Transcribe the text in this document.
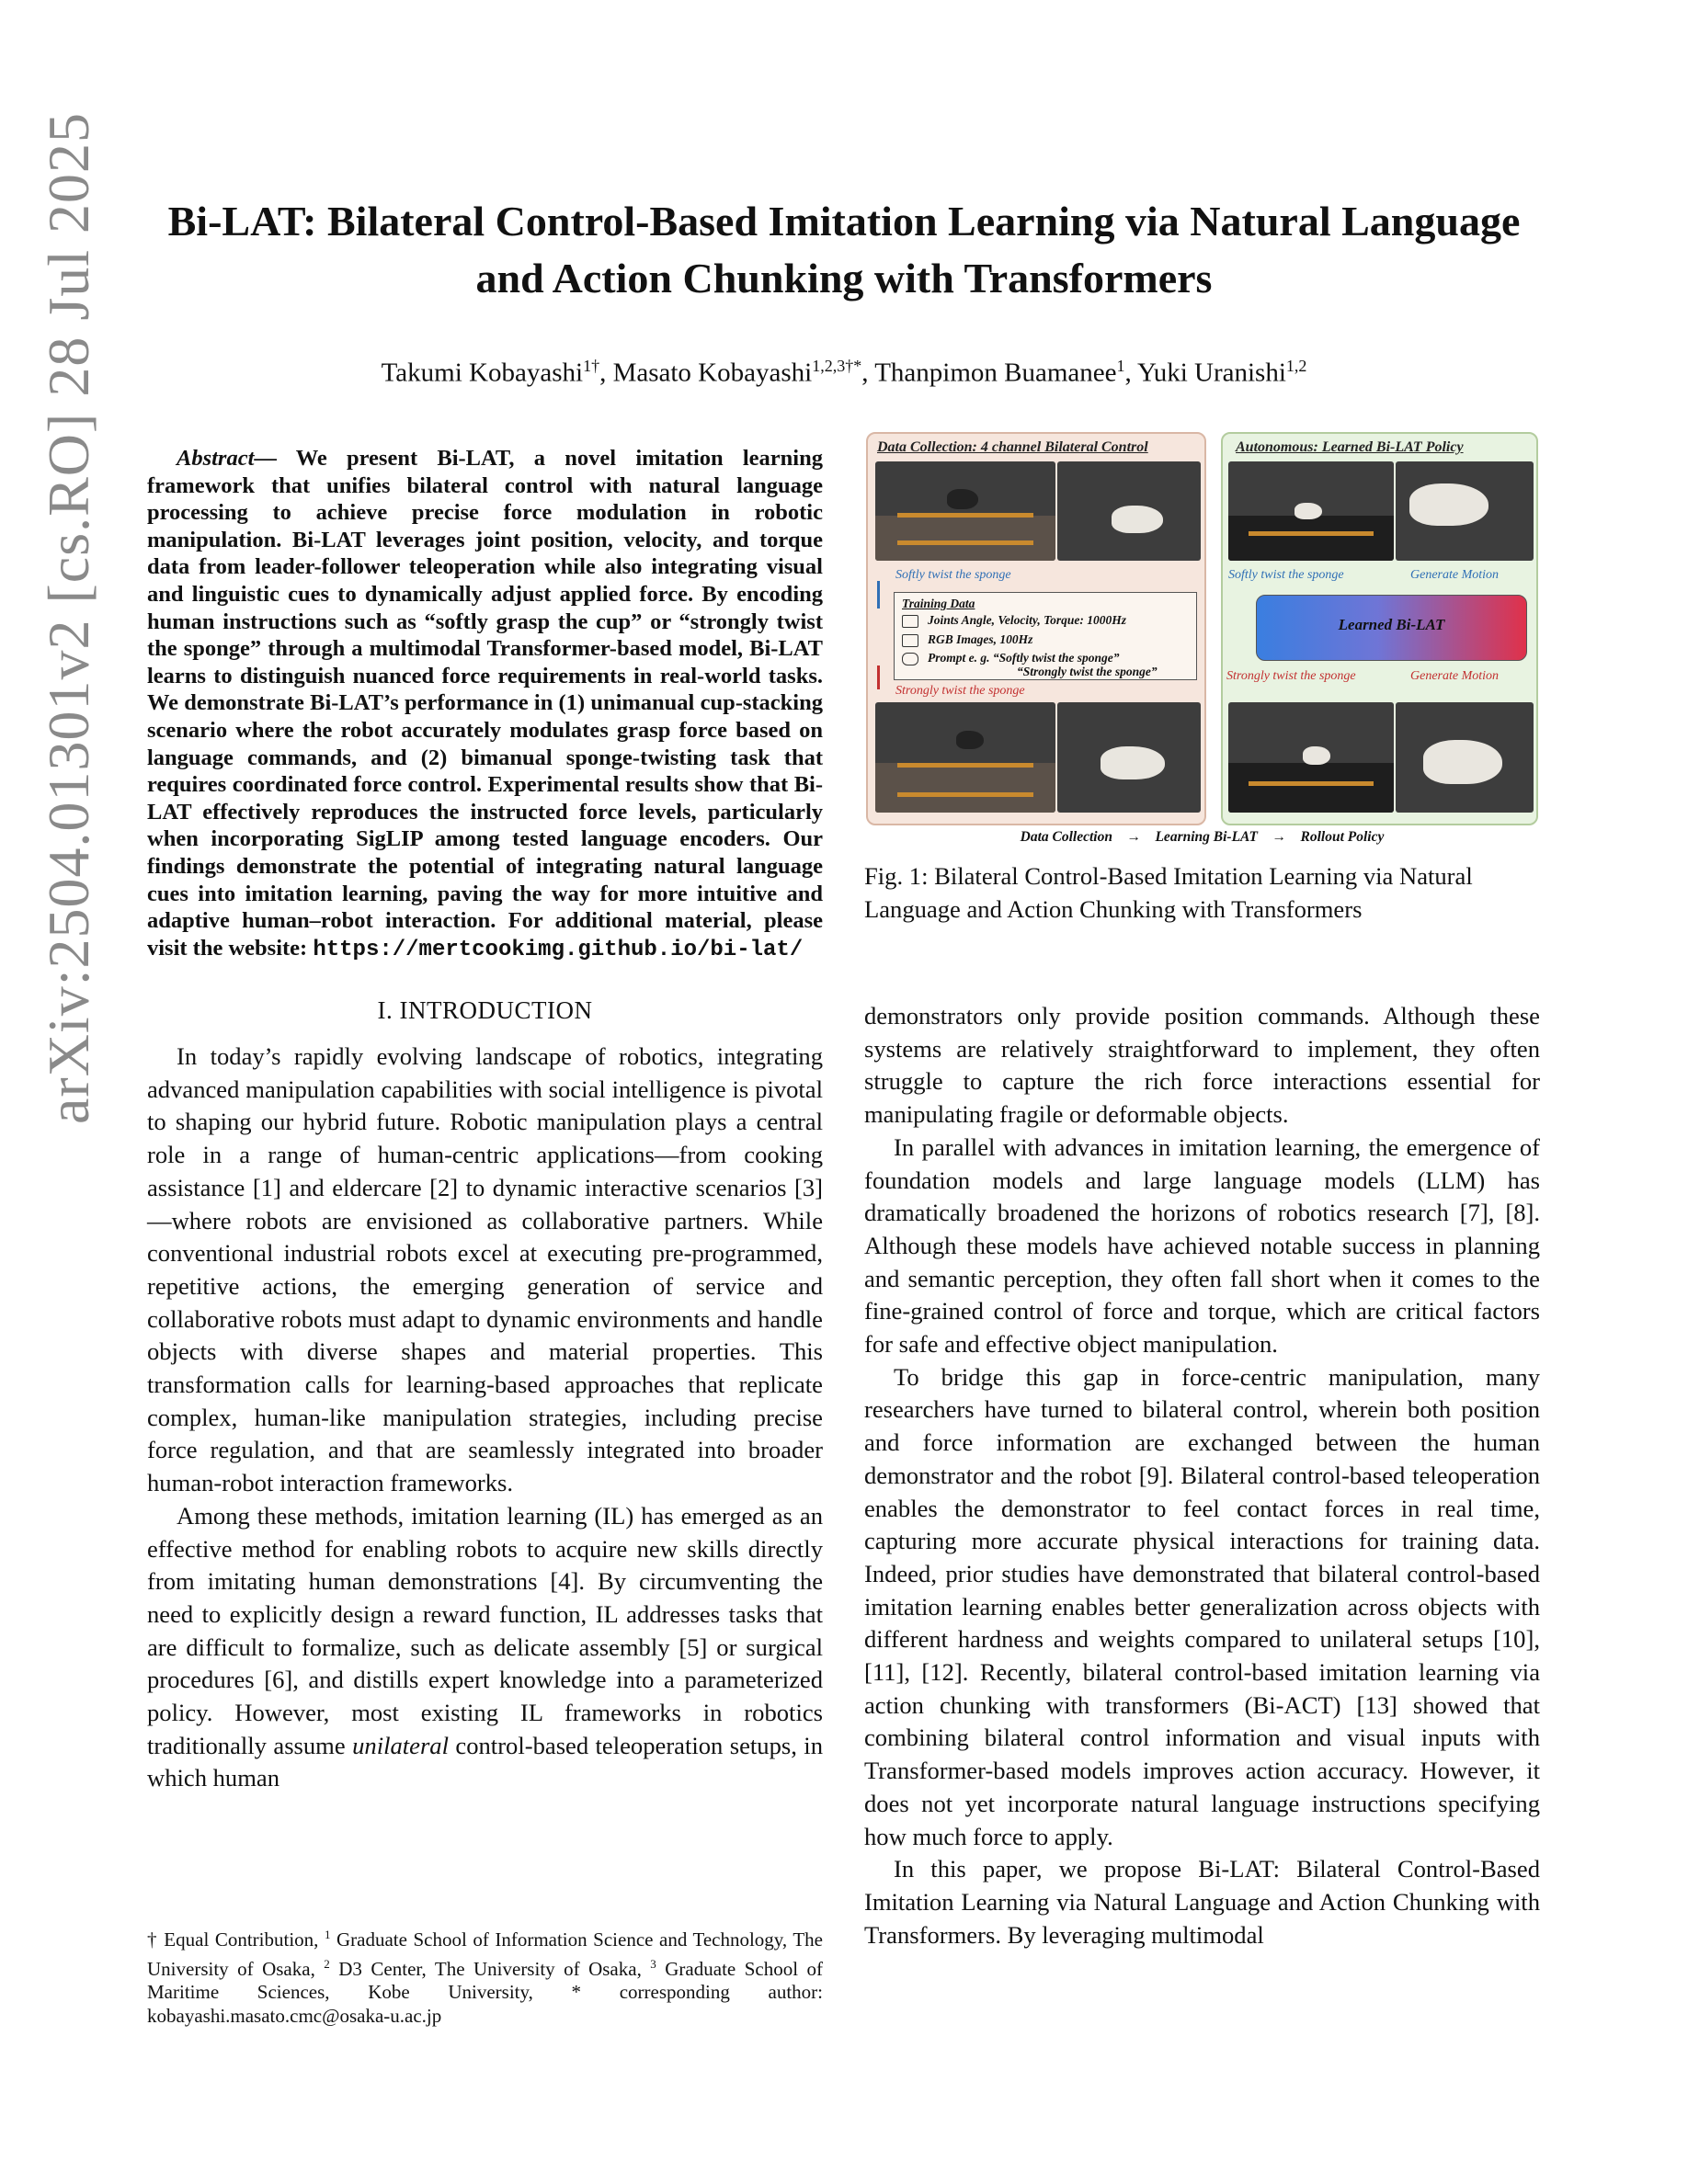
arXiv:2504.01301v2 [cs.RO] 28 Jul 2025	Bi-LAT: Bilateral Control-Based Imitation Learning via Natural Language and Action Chunking with Transformers
Takumi Kobayashi$^{1\dagger}$, Masato Kobayashi$^{1,2,3\dagger*}$, Thanpimon Buamanee$^1$, Yuki Uranishi$^{1,2}$

Abstract— We present Bi-LAT, a novel imitation learning framework that unifies bilateral control with natural language processing to achieve precise force modulation in robotic manipulation. Bi-LAT leverages joint position, velocity, and torque data from leader-follower teleoperation while also integrating visual and linguistic cues to dynamically adjust applied force. By encoding human instructions such as “softly grasp the cup” or “strongly twist the sponge” through a multimodal Transformer-based model, Bi-LAT learns to distinguish nuanced force requirements in real-world tasks. We demonstrate Bi-LAT’s performance in (1) unimanual cup-stacking scenario where the robot accurately modulates grasp force based on language commands, and (2) bimanual sponge-twisting task that requires coordinated force control. Experimental results show that Bi-LAT effectively reproduces the instructed force levels, particularly when incorporating SigLIP among tested language encoders. Our findings demonstrate the potential of integrating natural language cues into imitation learning, paving the way for more intuitive and adaptive human–robot interaction. For additional material, please visit the website: https://mertcookimg.github.io/bi-lat/

I. INTRODUCTION

In today’s rapidly evolving landscape of robotics, integrating advanced manipulation capabilities with social intelligence is pivotal to shaping our hybrid future. Robotic manipulation plays a central role in a range of human-centric applications—from cooking assistance [1] and eldercare [2] to dynamic interactive scenarios [3]—where robots are envisioned as collaborative partners. While conventional industrial robots excel at executing pre-programmed, repetitive actions, the emerging generation of service and collaborative robots must adapt to dynamic environments and handle objects with diverse shapes and material properties. This transformation calls for learning-based approaches that replicate complex, human-like manipulation strategies, including precise force regulation, and that are seamlessly integrated into broader human-robot interaction frameworks.

Among these methods, imitation learning (IL) has emerged as an effective method for enabling robots to acquire new skills directly from imitating human demonstrations [4]. By circumventing the need to explicitly design a reward function, IL addresses tasks that are difficult to formalize, such as delicate assembly [5] or surgical procedures [6], and distills expert knowledge into a parameterized policy. However, most existing IL frameworks in robotics traditionally assume unilateral control-based teleoperation setups, in which human

† Equal Contribution, $^1$ Graduate School of Information Science and Technology, The University of Osaka, $^2$ D3 Center, The University of Osaka, $^3$ Graduate School of Maritime Sciences, Kobe University, * corresponding author: kobayashi.masato.cmc@osaka-u.ac.jp
Data Collection: 4 channel Bilateral Control
Softly twist the sponge
Training Data
Joints Angle, Velocity, Torque: 1000Hz
RGB Images, 100Hz
Prompt e. g. “Softly twist the sponge”
“Strongly twist the sponge”
Strongly twist the sponge
Autonomous: Learned Bi-LAT Policy
Softly twist the sponge	Generate Motion
Learned Bi-LAT
Strongly twist the sponge	Generate Motion
Data Collection → Learning Bi-LAT → Rollout Policy
Fig. 1: Bilateral Control-Based Imitation Learning via Natural Language and Action Chunking with Transformers

demonstrators only provide position commands. Although these systems are relatively straightforward to implement, they often struggle to capture the rich force interactions essential for manipulating fragile or deformable objects.

In parallel with advances in imitation learning, the emergence of foundation models and large language models (LLM) has dramatically broadened the horizons of robotics research [7], [8]. Although these models have achieved notable success in planning and semantic perception, they often fall short when it comes to the fine-grained control of force and torque, which are critical factors for safe and effective object manipulation.

To bridge this gap in force-centric manipulation, many researchers have turned to bilateral control, wherein both position and force information are exchanged between the human demonstrator and the robot [9]. Bilateral control-based teleoperation enables the demonstrator to feel contact forces in real time, capturing more accurate physical interactions for training data. Indeed, prior studies have demonstrated that bilateral control-based imitation learning enables better generalization across objects with different hardness and weights compared to unilateral setups [10], [11], [12]. Recently, bilateral control-based imitation learning via action chunking with transformers (Bi-ACT) [13] showed that combining bilateral control information and visual inputs with Transformer-based models improves action accuracy. However, it does not yet incorporate natural language instructions specifying how much force to apply.

In this paper, we propose Bi-LAT: Bilateral Control-Based Imitation Learning via Natural Language and Action Chunking with Transformers. By leveraging multimodal
